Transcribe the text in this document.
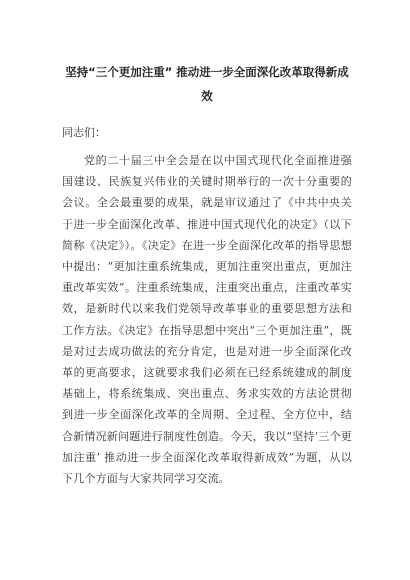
坚持“三个更加注重” 推动进一步全面深化改革取得新成效
同志们：

党的二十届三中全会是在以中国式现代化全面推进强国建设、民族复兴伟业的关键时期举行的一次十分重要的会议。全会最重要的成果，就是审议通过了《中共中央关于进一步全面深化改革、推进中国式现代化的决定》（以下简称《决定》）。《决定》在进一步全面深化改革的指导思想中提出：“更加注重系统集成，更加注重突出重点，更加注重改革实效”。注重系统集成，注重突出重点，注重改革实效，是新时代以来我们党领导改革事业的重要思想方法和工作方法。《决定》在指导思想中突出“三个更加注重”，既是对过去成功做法的充分肯定，也是对进一步全面深化改革的更高要求，这就要求我们必须在已经系统建成的制度基础上，将系统集成、突出重点、务求实效的方法论贯彻到进一步全面深化改革的全周期、全过程、全方位中，结合新情况新问题进行制度性创造。今天，我以“坚持‘三个更加注重’ 推动进一步全面深化改革取得新成效”为题，从以下几个方面与大家共同学习交流。
